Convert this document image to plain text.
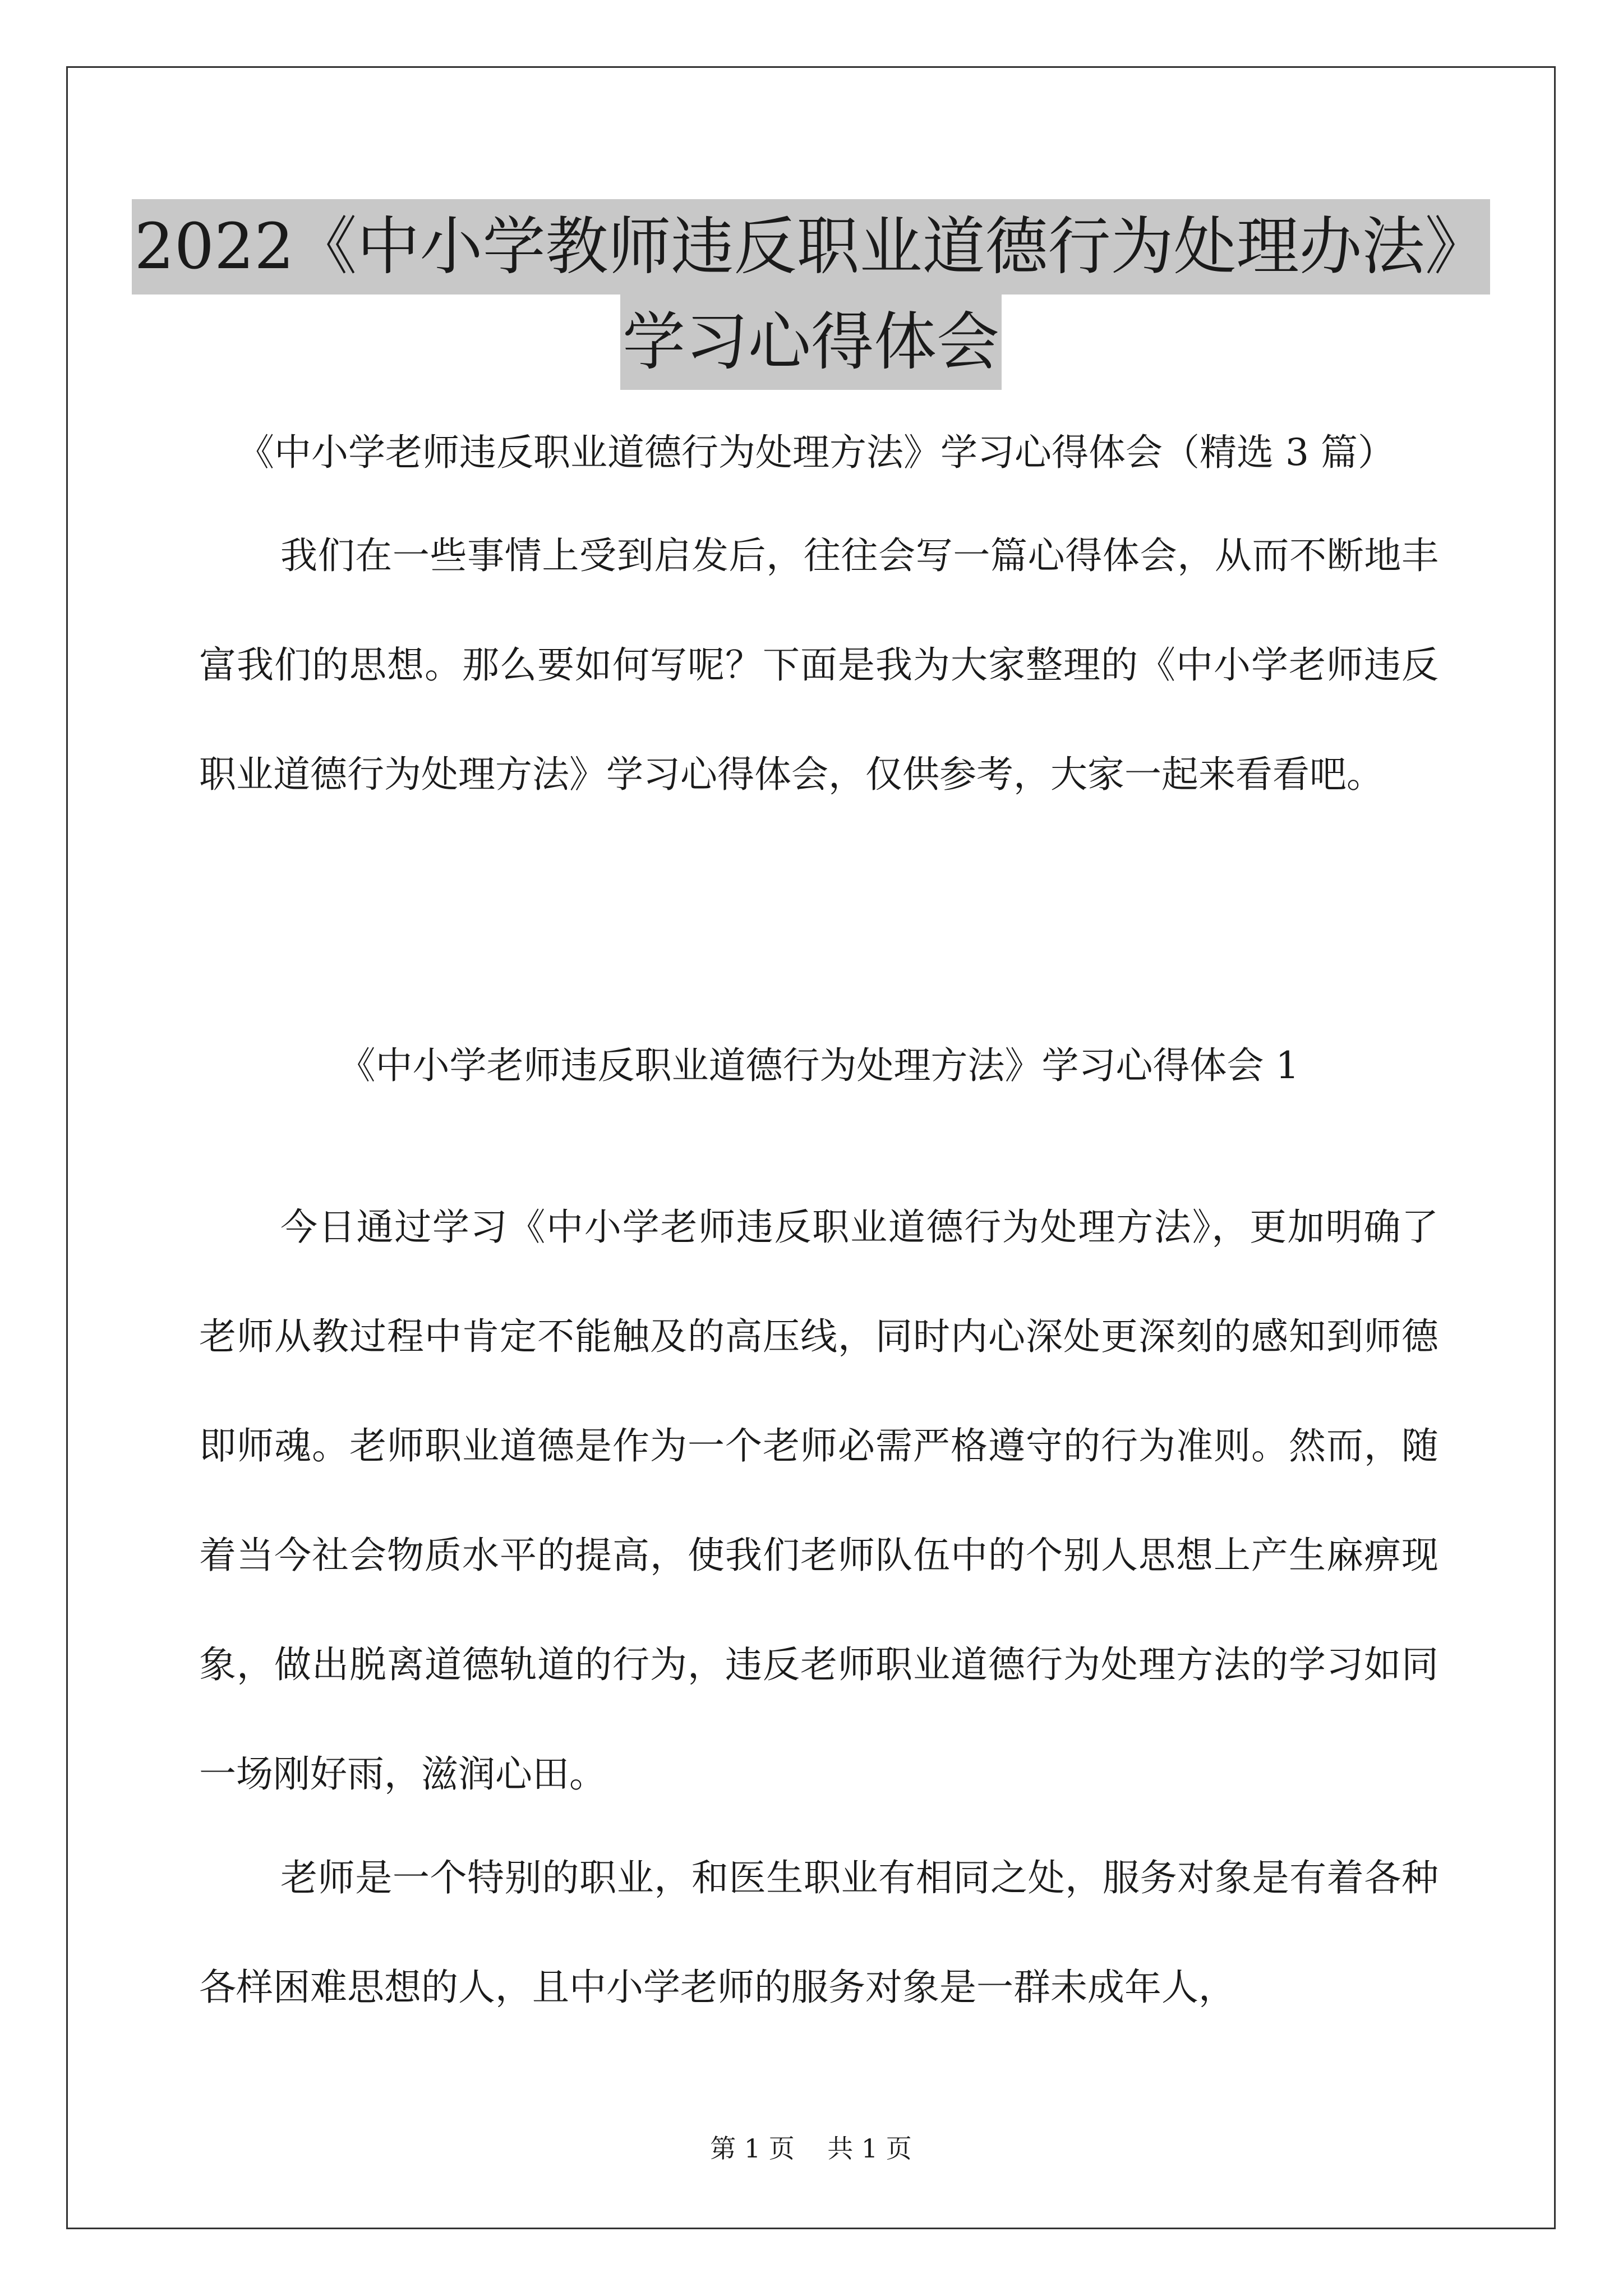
2022《中小学教师违反职业道德行为处理办法》
学习心得体会
《中小学老师违反职业道德行为处理方法》学习心得体会（精选 3 篇）

我们在一些事情上受到启发后，往往会写一篇心得体会，从而不断地丰富我们的思想。那么要如何写呢？下面是我为大家整理的《中小学老师违反职业道德行为处理方法》学习心得体会，仅供参考，大家一起来看看吧。

《中小学老师违反职业道德行为处理方法》学习心得体会 1

今日通过学习《中小学老师违反职业道德行为处理方法》，更加明确了老师从教过程中肯定不能触及的高压线，同时内心深处更深刻的感知到师德即师魂。老师职业道德是作为一个老师必需严格遵守的行为准则。然而，随着当今社会物质水平的提高，使我们老师队伍中的个别人思想上产生麻痹现象，做出脱离道德轨道的行为，违反老师职业道德行为处理方法的学习如同一场刚好雨，滋润心田。

老师是一个特别的职业，和医生职业有相同之处，服务对象是有着各种各样困难思想的人，且中小学老师的服务对象是一群未成年人，

第 1 页    共 1 页
